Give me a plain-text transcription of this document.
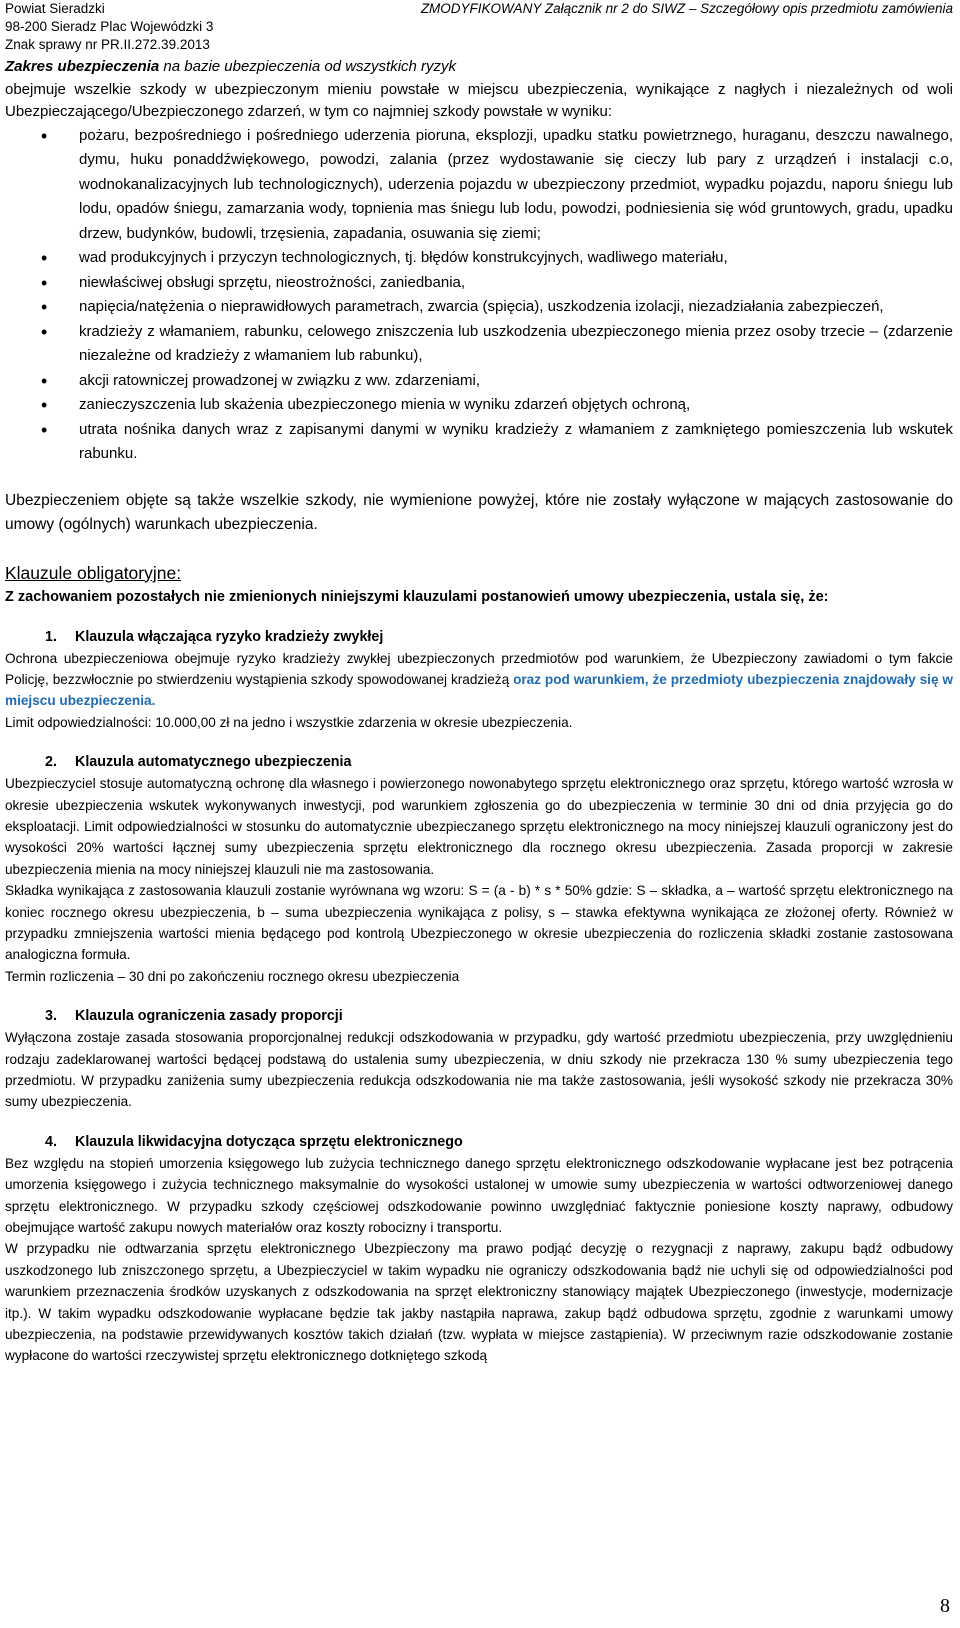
Powiat Sieradzki
98-200 Sieradz Plac Wojewódzki 3
Znak sprawy nr PR.II.272.39.2013
ZMODYFIKOWANY Załącznik nr 2 do SIWZ – Szczegółowy opis przedmiotu zamówienia

Zakres ubezpieczenia na bazie ubezpieczenia od wszystkich ryzyk

obejmuje wszelkie szkody w ubezpieczonym mieniu powstałe w miejscu ubezpieczenia, wynikające z nagłych i niezależnych od woli Ubezpieczającego/Ubezpieczonego zdarzeń, w tym co najmniej szkody powstałe w wyniku:

• pożaru, bezpośredniego i pośredniego uderzenia pioruna, eksplozji, upadku statku powietrznego, huraganu, deszczu nawalnego, dymu, huku ponaddźwiękowego, powodzi, zalania (przez wydostawanie się cieczy lub pary z urządzeń i instalacji c.o, wodnokanalizacyjnych lub technologicznych), uderzenia pojazdu w ubezpieczony przedmiot, wypadku pojazdu, naporu śniegu lub lodu, opadów śniegu, zamarzania wody, topnienia mas śniegu lub lodu, powodzi, podniesienia się wód gruntowych, gradu, upadku drzew, budynków, budowli, trzęsienia, zapadania, osuwania się ziemi;
• wad produkcyjnych i przyczyn technologicznych, tj. błędów konstrukcyjnych, wadliwego materiału,
• niewłaściwej obsługi sprzętu, nieostrożności, zaniedbania,
• napięcia/natężenia o nieprawidłowych parametrach, zwarcia (spięcia), uszkodzenia izolacji, niezadziałania zabezpieczeń,
• kradzieży z włamaniem, rabunku, celowego zniszczenia lub uszkodzenia ubezpieczonego mienia przez osoby trzecie – (zdarzenie niezależne od kradzieży z włamaniem lub rabunku),
• akcji ratowniczej prowadzonej w związku z ww. zdarzeniami,
• zanieczyszczenia lub skażenia ubezpieczonego mienia w wyniku zdarzeń objętych ochroną,
• utrata nośnika danych wraz z zapisanymi danymi w wyniku kradzieży z włamaniem z zamkniętego pomieszczenia lub wskutek rabunku.

Ubezpieczeniem objęte są także wszelkie szkody, nie wymienione powyżej, które nie zostały wyłączone w mających zastosowanie do umowy (ogólnych) warunkach ubezpieczenia.

Klauzule obligatoryjne:
Z zachowaniem pozostałych nie zmienionych niniejszymi klauzulami postanowień umowy ubezpieczenia, ustala się, że:
1. Klauzula włączająca ryzyko kradzieży zwykłej

Ochrona ubezpieczeniowa obejmuje ryzyko kradzieży zwykłej ubezpieczonych przedmiotów pod warunkiem, że Ubezpieczony zawiadomi o tym fakcie Policję, bezzwłocznie po stwierdzeniu wystąpienia szkody spowodowanej kradzieżą oraz pod warunkiem, że przedmioty ubezpieczenia znajdowały się w miejscu ubezpieczenia.

Limit odpowiedzialności: 10.000,00 zł na jedno i wszystkie zdarzenia w okresie ubezpieczenia.

2. Klauzula automatycznego ubezpieczenia

Ubezpieczyciel stosuje automatyczną ochronę dla własnego i powierzonego nowonabytego sprzętu elektronicznego oraz sprzętu, którego wartość wzrosła w okresie ubezpieczenia wskutek wykonywanych inwestycji, pod warunkiem zgłoszenia go do ubezpieczenia w terminie 30 dni od dnia przyjęcia go do eksploatacji. Limit odpowiedzialności w stosunku do automatycznie ubezpieczanego sprzętu elektronicznego na mocy niniejszej klauzuli ograniczony jest do wysokości 20% wartości łącznej sumy ubezpieczenia sprzętu elektronicznego dla rocznego okresu ubezpieczenia. Zasada proporcji w zakresie ubezpieczenia mienia na mocy niniejszej klauzuli nie ma zastosowania.

Składka wynikająca z zastosowania klauzuli zostanie wyrównana wg wzoru: S = (a - b) * s * 50% gdzie: S – składka, a – wartość sprzętu elektronicznego na koniec rocznego okresu ubezpieczenia, b – suma ubezpieczenia wynikająca z polisy, s – stawka efektywna wynikająca ze złożonej oferty. Również w przypadku zmniejszenia wartości mienia będącego pod kontrolą Ubezpieczonego w okresie ubezpieczenia do rozliczenia składki zostanie zastosowana analogiczna formuła.

Termin rozliczenia – 30 dni po zakończeniu rocznego okresu ubezpieczenia

3. Klauzula ograniczenia zasady proporcji

Wyłączona zostaje zasada stosowania proporcjonalnej redukcji odszkodowania w przypadku, gdy wartość przedmiotu ubezpieczenia, przy uwzględnieniu rodzaju zadeklarowanej wartości będącej podstawą do ustalenia sumy ubezpieczenia, w dniu szkody nie przekracza 130 % sumy ubezpieczenia tego przedmiotu. W przypadku zaniżenia sumy ubezpieczenia redukcja odszkodowania nie ma także zastosowania, jeśli wysokość szkody nie przekracza 30% sumy ubezpieczenia.

4. Klauzula likwidacyjna dotycząca sprzętu elektronicznego

Bez względu na stopień umorzenia księgowego lub zużycia technicznego danego sprzętu elektronicznego odszkodowanie wypłacane jest bez potrącenia umorzenia księgowego i zużycia technicznego maksymalnie do wysokości ustalonej w umowie sumy ubezpieczenia w wartości odtworzeniowej danego sprzętu elektronicznego. W przypadku szkody częściowej odszkodowanie powinno uwzględniać faktycznie poniesione koszty naprawy, odbudowy obejmujące wartość zakupu nowych materiałów oraz koszty robocizny i transportu.

W przypadku nie odtwarzania sprzętu elektronicznego Ubezpieczony ma prawo podjąć decyzję o rezygnacji z naprawy, zakupu bądź odbudowy uszkodzonego lub zniszczonego sprzętu, a Ubezpieczyciel w takim wypadku nie ograniczy odszkodowania bądź nie uchyli się od odpowiedzialności pod warunkiem przeznaczenia środków uzyskanych z odszkodowania na sprzęt elektroniczny stanowiący majątek Ubezpieczonego (inwestycje, modernizacje itp.). W takim wypadku odszkodowanie wypłacane będzie tak jakby nastąpiła naprawa, zakup bądź odbudowa sprzętu, zgodnie z warunkami umowy ubezpieczenia, na podstawie przewidywanych kosztów takich działań (tzw. wypłata w miejsce zastąpienia). W przeciwnym razie odszkodowanie zostanie wypłacone do wartości rzeczywistej sprzętu elektronicznego dotkniętego szkodą

8
